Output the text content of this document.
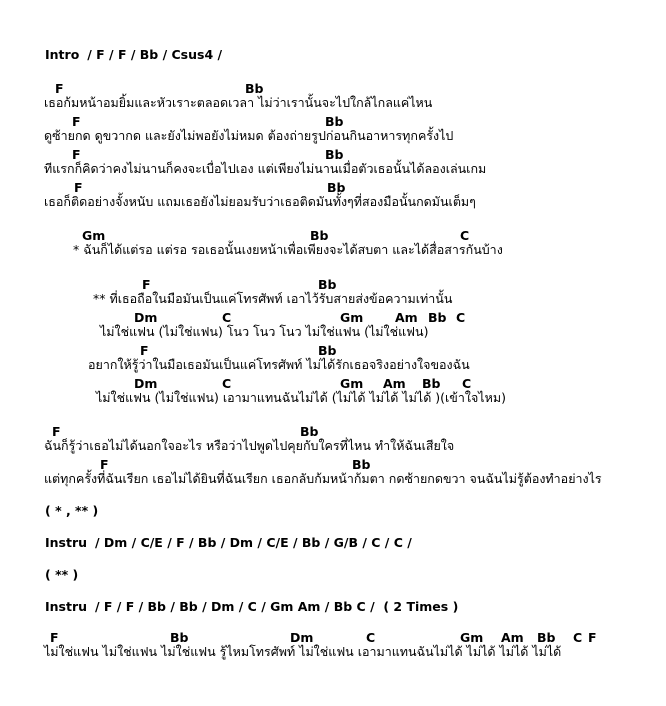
Intro / F / F / Bb / Csus4 /
F	Bb
เธอก้มหน้าอมยิ้มและหัวเราะตลอดเวลา ไม่ว่าเรานั้นจะไปใกล้ไกลแค่ไหน
F	Bb
ดูซ้ายกด ดูขวากด และยังไม่พอยังไม่หมด ต้องถ่ายรูปก่อนกินอาหารทุกครั้งไป
F	Bb
ทีแรกก็คิดว่าคงไม่นานก็คงจะเบื่อไปเอง แต่เพียงไม่นานเมื่อตัวเธอนั้นได้ลองเล่นเกม
F	Bb
เธอก็ติดอย่างจั้งหนับ แถมเธอยังไม่ยอมรับว่าเธอติดมันทั้งๆที่สองมือนั้นกดมันเต็มๆ
Gm	Bb	C
* ฉันก็ได้แต่รอ แต่รอ รอเธอนั้นเงยหน้าเพื่อเพียงจะได้สบตา และได้สื่อสารกันบ้าง
F	Bb
** ที่เธอถือในมือมันเป็นแค่โทรศัพท์ เอาไว้รับสายส่งข้อความเท่านั้น
Dm	C	Gm	Am Bb C
ไม่ใช่แฟน (ไม่ใช่แฟน) โนว โนว โนว ไม่ใช่แฟน (ไม่ใช่แฟน)
F	Bb
อยากให้รู้ว่าในมือเธอมันเป็นแค่โทรศัพท์ ไม่ได้รักเธอจริงอย่างใจของฉัน
Dm	C	Gm Am Bb C
ไม่ใช่แฟน (ไม่ใช่แฟน) เอามาแทนฉันไม่ได้ (ไม่ได้ ไม่ได้ ไม่ได้ )(เข้าใจไหม)
F	Bb
ฉันก็รู้ว่าเธอไม่ได้นอกใจอะไร หรือว่าไปพูดไปคุยกับใครที่ไหน ทำให้ฉันเสียใจ
F	Bb
แต่ทุกครั้งที่ฉันเรียก เธอไม่ได้ยินที่ฉันเรียก เธอกลับก้มหน้าก้มตา กดซ้ายกดขวา จนฉันไม่รู้ต้องทำอย่างไร
( * , ** )
Instru / Dm / C/E / F / Bb / Dm / C/E / Bb / G/B / C / C /
( ** )
Instru / F / F / Bb / Bb / Dm / C / Gm Am / Bb C /  ( 2 Times )
F	Bb	Dm	C	Gm Am Bb C F
ไม่ใช่แฟน ไม่ใช่แฟน ไม่ใช่แฟน รู้ไหมโทรศัพท์ ไม่ใช่แฟน เอามาแทนฉันไม่ได้ ไม่ได้ ไม่ได้ ไม่ได้
